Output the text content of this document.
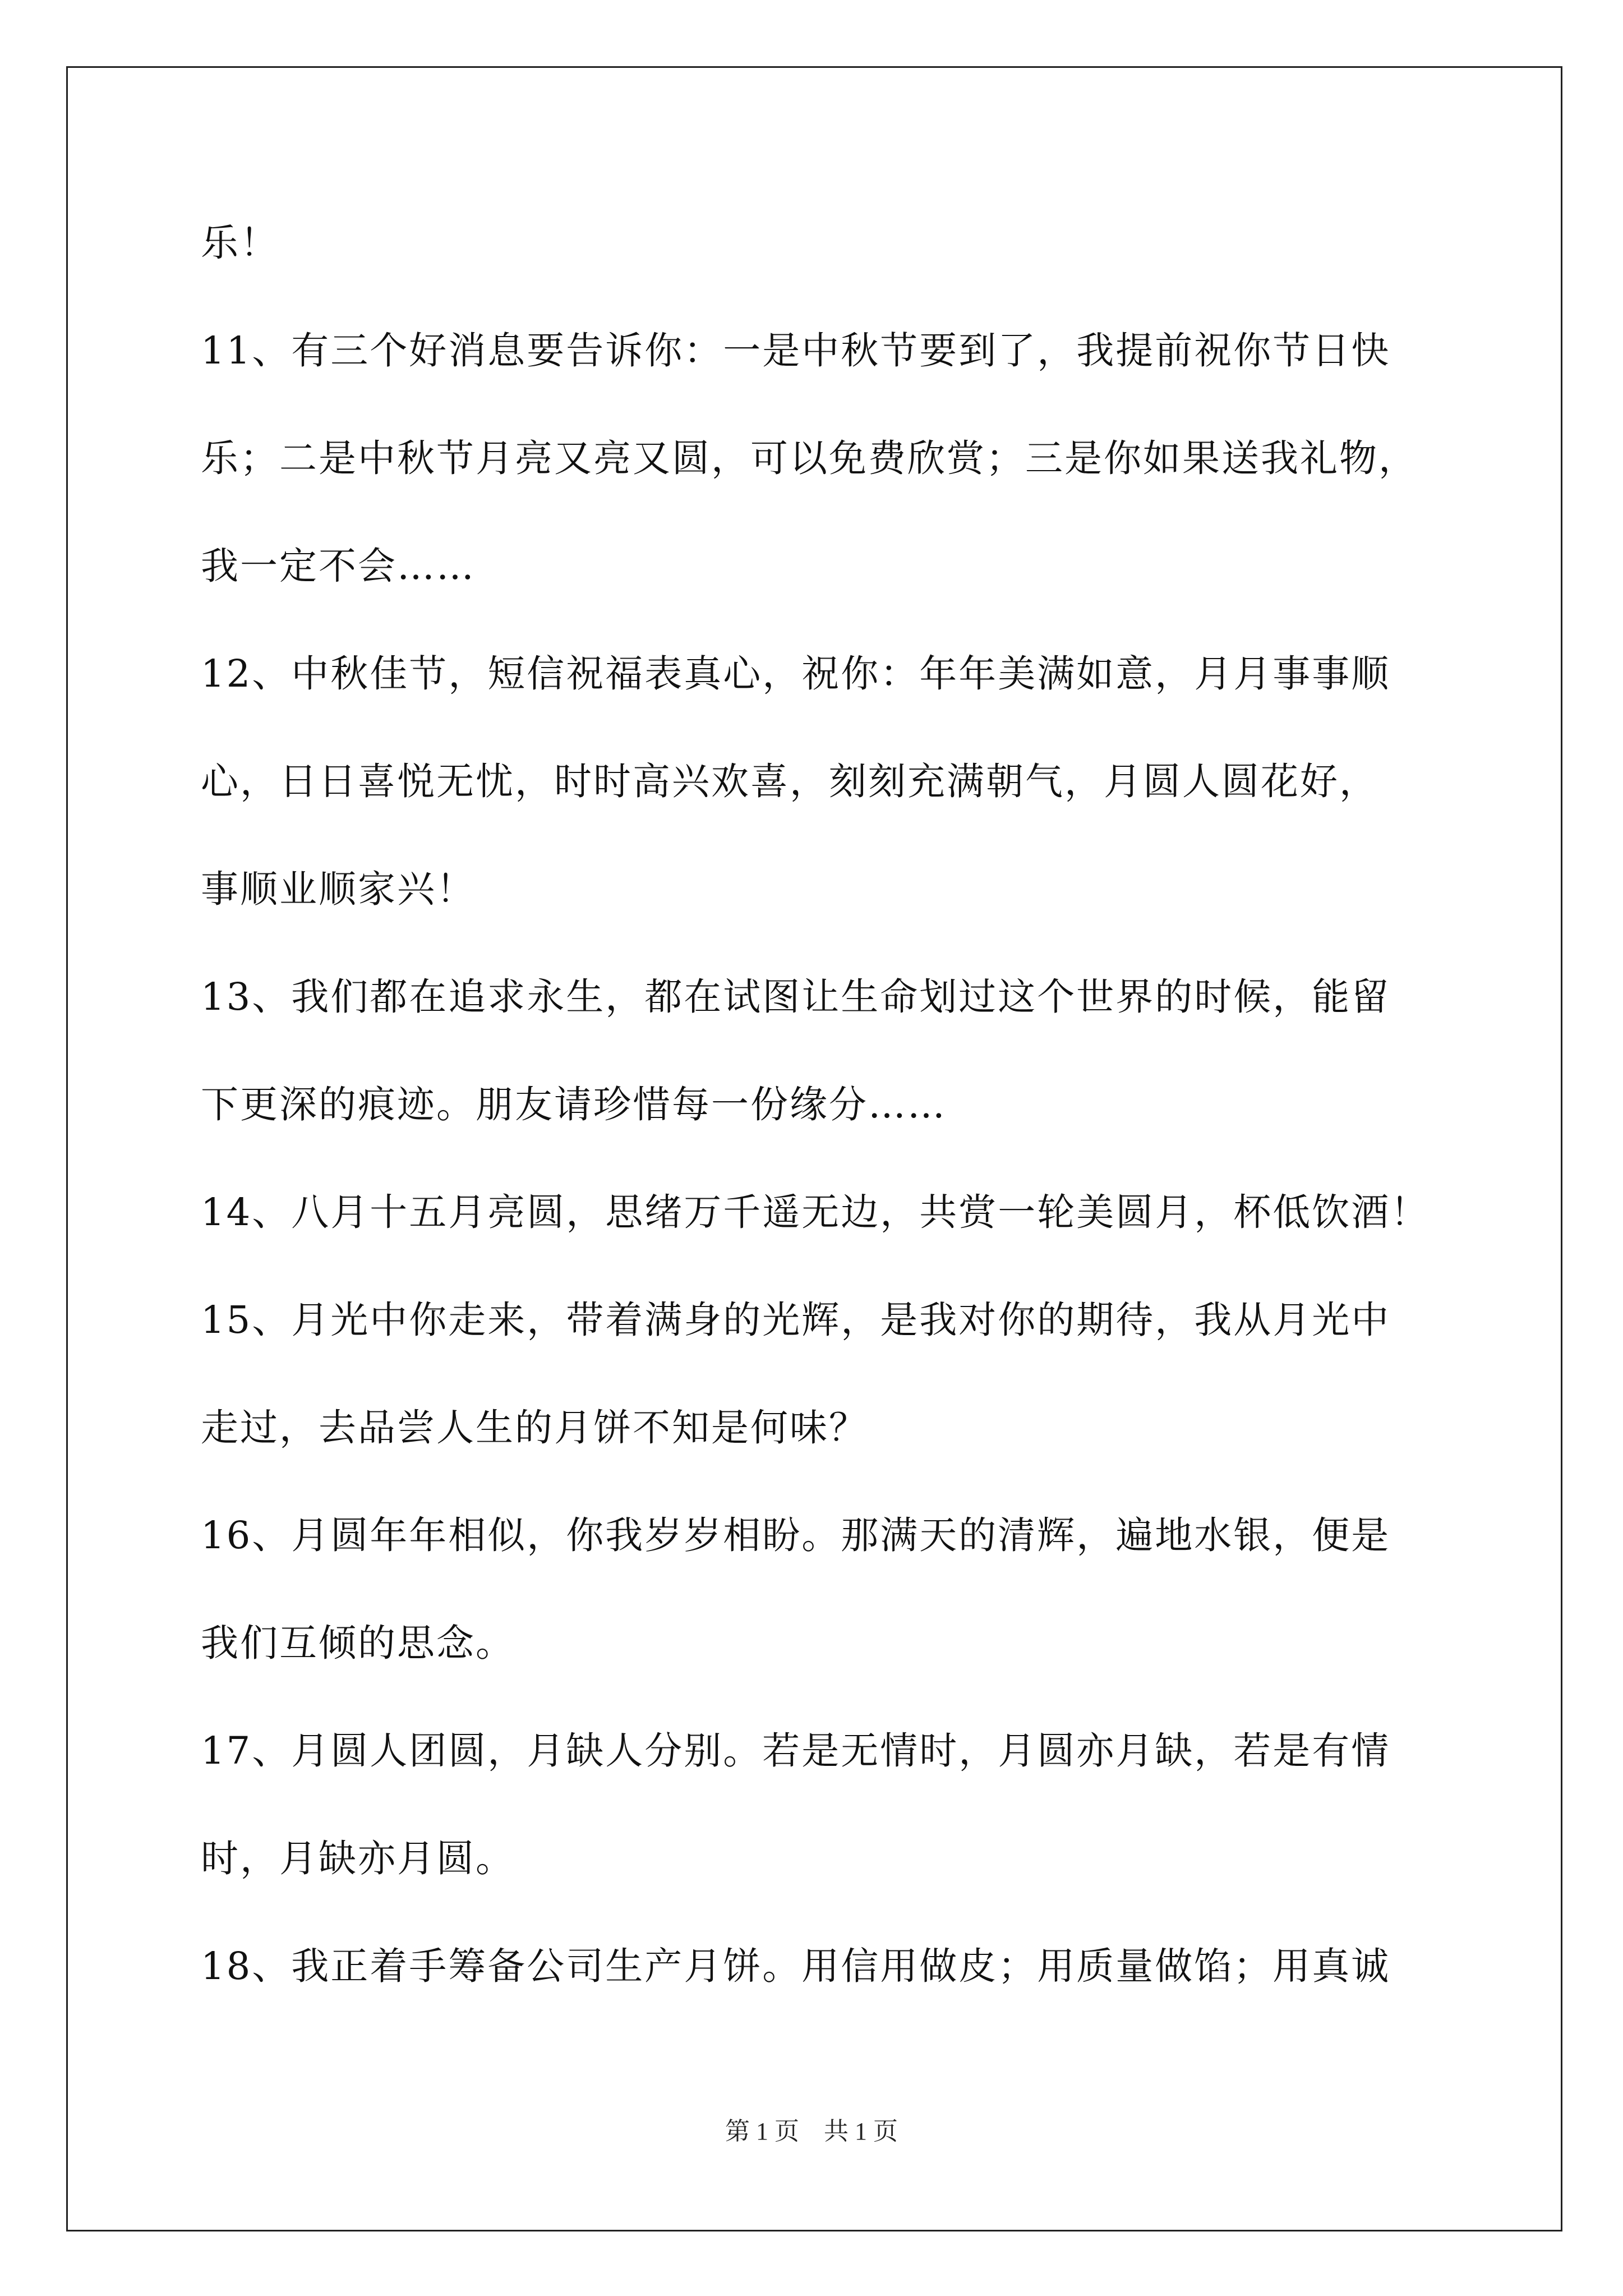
乐！

11、有三个好消息要告诉你：一是中秋节要到了，我提前祝你节日快

乐；二是中秋节月亮又亮又圆，可以免费欣赏；三是你如果送我礼物，

我一定不会……

12、中秋佳节，短信祝福表真心，祝你：年年美满如意，月月事事顺

心，日日喜悦无忧，时时高兴欢喜，刻刻充满朝气，月圆人圆花好，

事顺业顺家兴！

13、我们都在追求永生，都在试图让生命划过这个世界的时候，能留

下更深的痕迹。朋友请珍惜每一份缘分……

14、八月十五月亮圆，思绪万千遥无边，共赏一轮美圆月，杯低饮酒！

15、月光中你走来，带着满身的光辉，是我对你的期待，我从月光中

走过，去品尝人生的月饼不知是何味？

16、月圆年年相似，你我岁岁相盼。那满天的清辉，遍地水银，便是

我们互倾的思念。

17、月圆人团圆，月缺人分别。若是无情时，月圆亦月缺，若是有情

时，月缺亦月圆。

18、我正着手筹备公司生产月饼。用信用做皮；用质量做馅；用真诚

第 1 页　共 1 页
